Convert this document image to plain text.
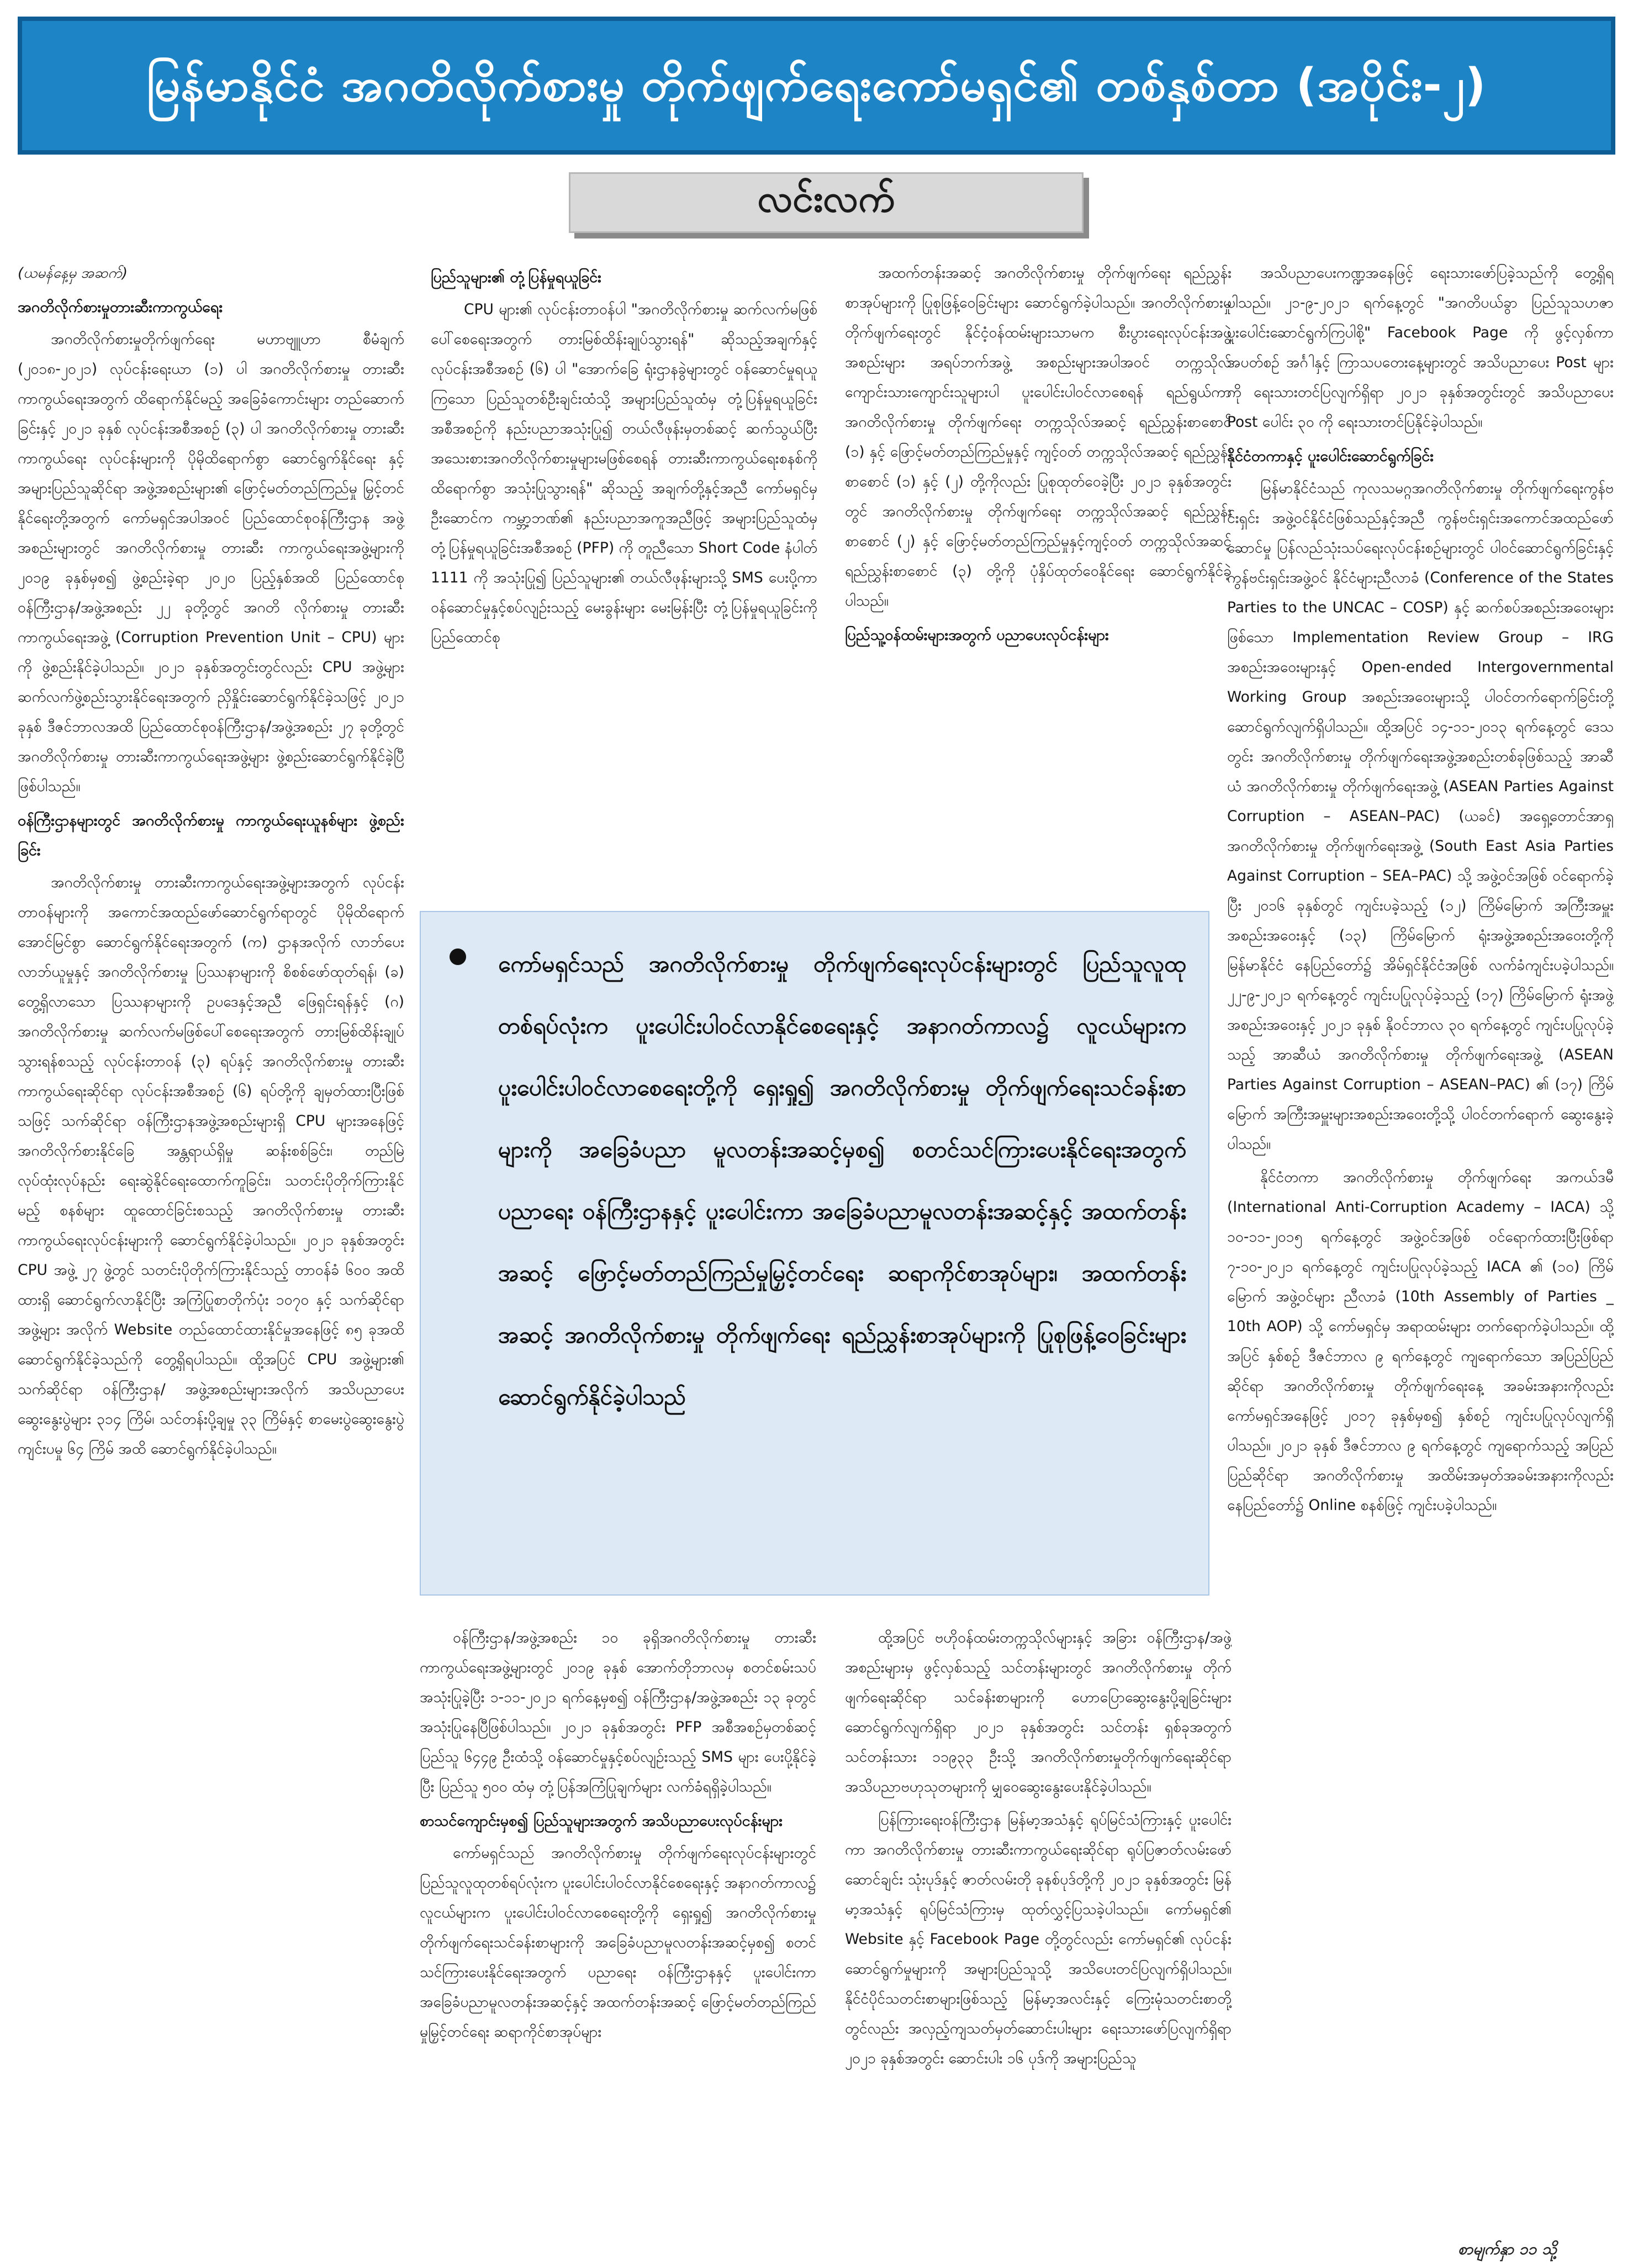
မြန်မာနိုင်ငံ အဂတိလိုက်စားမှု တိုက်ဖျက်ရေးကော်မရှင်၏ တစ်နှစ်တာ (အပိုင်း-၂)
လင်းလက်
(ယမန်နေ့မှ အဆက်)
အဂတိလိုက်စားမှုတားဆီးကာကွယ်ရေး

အဂတိလိုက်စားမှုတိုက်ဖျက်ရေး မဟာဗျူဟာ စီမံချက် (၂၀၁၈-၂၀၂၁) လုပ်ငန်းရေးယာ (၁) ပါ အဂတိလိုက်စားမှု တားဆီးကာကွယ်ရေးအတွက် ထိရောက်နိုင်မည့် အခြေခံကောင်းများ တည်ဆောက်ခြင်းနှင့် ၂၀၂၁ ခုနှစ် လုပ်ငန်းအစီအစဉ် (၃) ပါ အဂတိလိုက်စားမှု တားဆီးကာကွယ်ရေး လုပ်ငန်းများကို ပိုမိုထိရောက်စွာ ဆောင်ရွက်နိုင်ရေး နှင့် အများပြည်သူဆိုင်ရာ အဖွဲ့အစည်းများ၏ ဖြောင့်မတ်တည်ကြည်မှု မြှင့်တင်နိုင်ရေးတို့အတွက် ကော်မရှင်အပါအဝင် ပြည်ထောင်စုဝန်ကြီးဌာန အဖွဲ့အစည်းများတွင် အဂတိလိုက်စားမှု တားဆီး ကာကွယ်ရေးအဖွဲ့များကို ၂၀၁၉ ခုနှစ်မှစ၍ ဖွဲ့စည်းခဲ့ရာ ၂၀၂၀ ပြည့်နှစ်အထိ ပြည်ထောင်စု ဝန်ကြီးဌာန/အဖွဲ့အစည်း ၂၂ ခုတို့တွင် အဂတိ လိုက်စားမှု တားဆီးကာကွယ်ရေးအဖွဲ့ (Corruption Prevention Unit – CPU) များကို ဖွဲ့စည်းနိုင်ခဲ့ပါသည်။ ၂၀၂၁ ခုနှစ်အတွင်းတွင်လည်း CPU အဖွဲ့များ ဆက်လက်ဖွဲ့စည်းသွားနိုင်ရေးအတွက် ညှိနှိုင်းဆောင်ရွက်နိုင်ခဲ့သဖြင့် ၂၀၂၁ ခုနှစ် ဒီဇင်ဘာလအထိ ပြည်ထောင်စုဝန်ကြီးဌာန/အဖွဲ့အစည်း ၂၇ ခုတို့တွင် အဂတိလိုက်စားမှု တားဆီးကာကွယ်ရေးအဖွဲ့များ ဖွဲ့စည်းဆောင်ရွက်နိုင်ခဲ့ပြီ ဖြစ်ပါသည်။

ဝန်ကြီးဌာနများတွင် အဂတိလိုက်စားမှု ကာကွယ်ရေးယူနစ်များ ဖွဲ့စည်းခြင်း

အဂတိလိုက်စားမှု တားဆီးကာကွယ်ရေးအဖွဲ့များအတွက် လုပ်ငန်းတာဝန်များကို အကောင်အထည်ဖော်ဆောင်ရွက်ရာတွင် ပိုမိုထိရောက်အောင်မြင်စွာ ဆောင်ရွက်နိုင်ရေးအတွက် (က) ဌာနအလိုက် လာဘ်ပေးလာဘ်ယူမှုနှင့် အဂတိလိုက်စားမှု ပြဿနာများကို စိစစ်ဖော်ထုတ်ရန်၊ (ခ) တွေ့ရှိလာသော ပြဿနာများကို ဥပဒေနှင့်အညီ ဖြေရှင်းရန်နှင့် (ဂ) အဂတိလိုက်စားမှု ဆက်လက်မဖြစ်ပေါ်စေရေးအတွက် တားမြစ်ထိန်းချုပ်သွားရန်စသည့် လုပ်ငန်းတာဝန် (၃) ရပ်နှင့် အဂတိလိုက်စားမှု တားဆီးကာကွယ်ရေးဆိုင်ရာ လုပ်ငန်းအစီအစဉ် (၆) ရပ်တို့ကို ချမှတ်ထားပြီးဖြစ်သဖြင့် သက်ဆိုင်ရာ ဝန်ကြီးဌာနအဖွဲ့အစည်းများရှိ CPU များအနေဖြင့် အဂတိလိုက်စားနိုင်ခြေ အန္တရာယ်ရှိမှု ဆန်းစစ်ခြင်း၊ တည်မြဲလုပ်ထုံးလုပ်နည်း ရေးဆွဲနိုင်ရေးထောက်ကူခြင်း၊ သတင်းပိုတိုက်ကြားနိုင်မည့် စနစ်များ ထူထောင်ခြင်းစသည့် အဂတိလိုက်စားမှု တားဆီးကာကွယ်ရေးလုပ်ငန်းများကို ဆောင်ရွက်နိုင်ခဲ့ပါသည်။ ၂၀၂၁ ခုနှစ်အတွင်း CPU အဖွဲ့ ၂၇ ဖွဲ့တွင် သတင်းပိုတိုက်ကြားနိုင်သည့် တာဝန်ခံ ၆၀၀ အထိ ထားရှိ ဆောင်ရွက်လာနိုင်ပြီး အကြံပြုစာတိုက်ပုံး ၁၀၇၀ နှင့် သက်ဆိုင်ရာအဖွဲ့များ အလိုက် Website တည်ထောင်ထားနိုင်မှုအနေဖြင့် ၈၅ ခုအထိ ဆောင်ရွက်နိုင်ခဲ့သည်ကို တွေ့ရှိရပါသည်။ ထို့အပြင် CPU အဖွဲ့များ၏ သက်ဆိုင်ရာ ဝန်ကြီးဌာန/ အဖွဲ့အစည်းများအလိုက် အသိပညာပေး ဆွေးနွေးပွဲများ ၃၁၄ ကြိမ်၊ သင်တန်းပို့ချမှု ၃၃ ကြိမ်နှင့် စာမေးပွဲဆွေးနွေးပွဲ ကျင်းပမှု ၆၄ ကြိမ် အထိ ဆောင်ရွက်နိုင်ခဲ့ပါသည်။

ပြည်သူများ၏ တုံ့ပြန်မှုရယူခြင်း

CPU များ၏ လုပ်ငန်းတာဝန်ပါ "အဂတိလိုက်စားမှု ဆက်လက်မဖြစ်ပေါ်စေရေးအတွက် တားမြစ်ထိန်းချုပ်သွားရန်" ဆိုသည့်အချက်နှင့် လုပ်ငန်းအစီအစဉ် (၆) ပါ "အောက်ခြေ ရုံးဌာနခွဲများတွင် ဝန်ဆောင်မှုရယူကြသော ပြည်သူတစ်ဦးချင်းထံသို့ အများပြည်သူထံမှ တုံ့ပြန်မှုရယူခြင်း အစီအစဉ်ကို နည်းပညာအသုံးပြု၍ တယ်လီဖုန်းမှတစ်ဆင့် ဆက်သွယ်ပြီး အသေးစားအဂတိလိုက်စားမှုများမဖြစ်စေရန် တားဆီးကာကွယ်ရေးစနစ်ကို ထိရောက်စွာ အသုံးပြုသွားရန်" ဆိုသည့် အချက်တို့နှင့်အညီ ကော်မရှင်မှ ဦးဆောင်က ကမ္ဘာ့ဘဏ်၏ နည်းပညာအကူအညီဖြင့် အများပြည်သူထံမှ တုံ့ပြန်မှုရယူခြင်းအစီအစဉ် (PFP) ကို တူညီသော Short Code နံပါတ် 1111 ကို အသုံးပြု၍ ပြည်သူများ၏ တယ်လီဖုန်းများသို့ SMS ပေးပို့ကာ ဝန်ဆောင်မှုနှင့်စပ်လျဉ်းသည့် မေးခွန်းများ မေးမြန်းပြီး တုံ့ပြန်မှုရယူခြင်းကို ပြည်ထောင်စု

အထက်တန်းအဆင့် အဂတိလိုက်စားမှု တိုက်ဖျက်ရေး ရည်ညွှန်းစာအုပ်များကို ပြုစုဖြန့်ဝေခြင်းများ ဆောင်ရွက်ခဲ့ပါသည်။ အဂတိလိုက်စားမှု တိုက်ဖျက်ရေးတွင် နိုင်ငံ့ဝန်ထမ်းများသာမက စီးပွားရေးလုပ်ငန်းအဖွဲ့အစည်းများ အရပ်ဘက်အဖွဲ့ အစည်းများအပါအဝင် တက္ကသိုလ်ကျောင်းသားကျောင်းသူများပါ ပူးပေါင်းပါဝင်လာစေရန် ရည်ရွယ်ကာ အဂတိလိုက်စားမှု တိုက်ဖျက်ရေး တက္ကသိုလ်အဆင့် ရည်ညွှန်းစာစောင် (၁) နှင့် ဖြောင့်မတ်တည်ကြည်မှုနှင့် ကျင့်ဝတ် တက္ကသိုလ်အဆင့် ရည်ညွှန်းစာစောင် (၁) နှင့် (၂) တို့ကိုလည်း ပြုစုထုတ်ဝေခဲ့ပြီး ၂၀၂၁ ခုနှစ်အတွင်းတွင် အဂတိလိုက်စားမှု တိုက်ဖျက်ရေး တက္ကသိုလ်အဆင့် ရည်ညွှန်းစာစောင် (၂) နှင့် ဖြောင့်မတ်တည်ကြည်မှုနှင့်ကျင့်ဝတ် တက္ကသိုလ်အဆင့် ရည်ညွှန်းစာစောင် (၃) တို့ကို ပုံနှိပ်ထုတ်ဝေနိုင်ရေး ဆောင်ရွက်နိုင်ခဲ့ပါသည်။

ပြည်သူ့ဝန်ထမ်းများအတွက် ပညာပေးလုပ်ငန်းများ
ကော်မရှင်သည် အဂတိလိုက်စားမှု တိုက်ဖျက်ရေးလုပ်ငန်းများတွင် ပြည်သူလူထုတစ်ရပ်လုံးက ပူးပေါင်းပါဝင်လာနိုင်စေရေးနှင့် အနာဂတ်ကာလ၌ လူငယ်များက ပူးပေါင်းပါဝင်လာစေရေးတို့ကို ရှေးရှု၍ အဂတိလိုက်စားမှု တိုက်ဖျက်ရေးသင်ခန်းစာများကို အခြေခံပညာ မူလတန်းအဆင့်မှစ၍ စတင်သင်ကြားပေးနိုင်ရေးအတွက် ပညာရေး ဝန်ကြီးဌာနနှင့် ပူးပေါင်းကာ အခြေခံပညာမူလတန်းအဆင့်နှင့် အထက်တန်းအဆင့် ဖြောင့်မတ်တည်ကြည်မှုမြှင့်တင်ရေး ဆရာကိုင်စာအုပ်များ၊ အထက်တန်းအဆင့် အဂတိလိုက်စားမှု တိုက်ဖျက်ရေး ရည်ညွှန်းစာအုပ်များကို ပြုစုဖြန့်ဝေခြင်းများ ဆောင်ရွက်နိုင်ခဲ့ပါသည်

ဝန်ကြီးဌာန/အဖွဲ့အစည်း ၁၀ ခုရှိအဂတိလိုက်စားမှု တားဆီးကာကွယ်ရေးအဖွဲ့များတွင် ၂၀၁၉ ခုနှစ် အောက်တိုဘာလမှ စတင်စမ်းသပ် အသုံးပြုခဲ့ပြီး ၁-၁၁-၂၀၂၁ ရက်နေ့မှစ၍ ဝန်ကြီးဌာန/အဖွဲ့အစည်း ၁၃ ခုတွင် အသုံးပြုနေပြီဖြစ်ပါသည်။ ၂၀၂၁ ခုနှစ်အတွင်း PFP အစီအစဉ်မှတစ်ဆင့် ပြည်သူ ၆၄၄၉ ဦးထံသို့ ဝန်ဆောင်မှုနှင့်စပ်လျဉ်းသည့် SMS များ ပေးပို့နိုင်ခဲ့ပြီး ပြည်သူ ၅၀၀ ထံမှ တုံ့ပြန်အကြံပြုချက်များ လက်ခံရရှိခဲ့ပါသည်။

စာသင်ကျောင်းမှစ၍ ပြည်သူများအတွက် အသိပညာပေးလုပ်ငန်းများ

ကော်မရှင်သည် အဂတိလိုက်စားမှု တိုက်ဖျက်ရေးလုပ်ငန်းများတွင် ပြည်သူလူထုတစ်ရပ်လုံးက ပူးပေါင်းပါဝင်လာနိုင်စေရေးနှင့် အနာဂတ်ကာလ၌ လူငယ်များက ပူးပေါင်းပါဝင်လာစေရေးတို့ကို ရှေးရှု၍ အဂတိလိုက်စားမှု တိုက်ဖျက်ရေးသင်ခန်းစာများကို အခြေခံပညာမူလတန်းအဆင့်မှစ၍ စတင်သင်ကြားပေးနိုင်ရေးအတွက် ပညာရေး ဝန်ကြီးဌာနနှင့် ပူးပေါင်းကာ အခြေခံပညာမူလတန်းအဆင့်နှင့် အထက်တန်းအဆင့် ဖြောင့်မတ်တည်ကြည်မှုမြှင့်တင်ရေး ဆရာကိုင်စာအုပ်များ

ထို့အပြင် ဗဟိုဝန်ထမ်းတက္ကသိုလ်များနှင့် အခြား ဝန်ကြီးဌာန/အဖွဲ့အစည်းများမှ ဖွင့်လှစ်သည့် သင်တန်းများတွင် အဂတိလိုက်စားမှု တိုက်ဖျက်ရေးဆိုင်ရာ သင်ခန်းစာများကို ဟောပြောဆွေးနွေးပို့ချခြင်းများ ဆောင်ရွက်လျက်ရှိရာ ၂၀၂၁ ခုနှစ်အတွင်း သင်တန်း ရှစ်ခုအတွက် သင်တန်းသား ၁၁၉၃၃ ဦးသို့ အဂတိလိုက်စားမှုတိုက်ဖျက်ရေးဆိုင်ရာ အသိပညာဗဟုသုတများကို မျှဝေဆွေးနွေးပေးနိုင်ခဲ့ပါသည်။

ပြန်ကြားရေးဝန်ကြီးဌာန မြန်မာ့အသံနှင့် ရုပ်မြင်သံကြားနှင့် ပူးပေါင်းကာ အဂတိလိုက်စားမှု တားဆီးကာကွယ်ရေးဆိုင်ရာ ရုပ်ပြဇာတ်လမ်းဖော်ဆောင်ချင်း သုံးပုဒ်နှင့် ဇာတ်လမ်းတို ခုနစ်ပုဒ်တို့ကို ၂၀၂၁ ခုနှစ်အတွင်း မြန်မာ့အသံနှင့် ရုပ်မြင်သံကြားမှ ထုတ်လွှင့်ပြသခဲ့ပါသည်။ ကော်မရှင်၏ Website နှင့် Facebook Page တို့တွင်လည်း ကော်မရှင်၏ လုပ်ငန်းဆောင်ရွက်မှုများကို အများပြည်သူသို့ အသိပေးတင်ပြလျက်ရှိပါသည်။ နိုင်ငံပိုင်သတင်းစာများဖြစ်သည့် မြန်မာ့အလင်းနှင့် ကြေးမုံသတင်းစာတို့တွင်လည်း အလှည့်ကျသတ်မှတ်ဆောင်းပါးများ ရေးသားဖော်ပြလျက်ရှိရာ ၂၀၂၁ ခုနှစ်အတွင်း ဆောင်းပါး ၁၆ ပုဒ်ကို အများပြည်သူ

အသိပညာပေးကဏ္ဍအနေဖြင့် ရေးသားဖော်ပြခဲ့သည်ကို တွေ့ရှိရပါသည်။ ၂၁-၉-၂၀၂၁ ရက်နေ့တွင် "အဂတိပယ်ခွာ ပြည်သူသဟဇာ ပူးပေါင်းဆောင်ရွက်ကြပါစို့" Facebook Page ကို ဖွင့်လှစ်ကာ အပတ်စဉ် အင်္ဂါနှင့် ကြာသပတေးနေ့များတွင် အသိပညာပေး Post များကို ရေးသားတင်ပြလျက်ရှိရာ ၂၀၂၁ ခုနှစ်အတွင်းတွင် အသိပညာပေး Post ပေါင်း ၃၀ ကို ရေးသားတင်ပြနိုင်ခဲ့ပါသည်။

နိုင်ငံတကာနှင့် ပူးပေါင်းဆောင်ရွက်ခြင်း

မြန်မာနိုင်ငံသည် ကုလသမဂ္ဂအဂတိလိုက်စားမှု တိုက်ဖျက်ရေးကွန်ဗင်းရှင်း အဖွဲ့ဝင်နိုင်ငံဖြစ်သည်နှင့်အညီ ကွန်ဗင်းရှင်းအကောင်အထည်ဖော်ဆောင်မှု ပြန်လည်သုံးသပ်ရေးလုပ်ငန်းစဉ်များတွင် ပါဝင်ဆောင်ရွက်ခြင်းနှင့် ကွန်ဗင်းရှင်းအဖွဲ့ဝင် နိုင်ငံများညီလာခံ (Conference of the States Parties to the UNCAC – COSP) နှင့် ဆက်စပ်အစည်းအဝေးများဖြစ်သော Implementation Review Group – IRG အစည်းအဝေးများနှင့် Open-ended Intergovernmental Working Group အစည်းအဝေးများသို့ ပါဝင်တက်ရောက်ခြင်းတို့ ဆောင်ရွက်လျက်ရှိပါသည်။ ထို့အပြင် ၁၄-၁၁-၂၀၁၃ ရက်နေ့တွင် ဒေသတွင်း အဂတိလိုက်စားမှု တိုက်ဖျက်ရေးအဖွဲ့အစည်းတစ်ခုဖြစ်သည့် အာဆီယံ အဂတိလိုက်စားမှု တိုက်ဖျက်ရေးအဖွဲ့ (ASEAN Parties Against Corruption – ASEAN–PAC) (ယခင်) အရှေ့တောင်အာရှ အဂတိလိုက်စားမှု တိုက်ဖျက်ရေးအဖွဲ့ (South East Asia Parties Against Corruption – SEA–PAC) သို့ အဖွဲ့ဝင်အဖြစ် ဝင်ရောက်ခဲ့ပြီး ၂၀၁၆ ခုနှစ်တွင် ကျင်းပခဲ့သည့် (၁၂) ကြိမ်မြောက် အကြီးအမှူးအစည်းအဝေးနှင့် (၁၃) ကြိမ်မြောက် ရုံးအဖွဲ့အစည်းအဝေးတို့ကို မြန်မာနိုင်ငံ နေပြည်တော်၌ အိမ်ရှင်နိုင်ငံအဖြစ် လက်ခံကျင်းပခဲ့ပါသည်။ ၂၂-၉-၂၀၂၁ ရက်နေ့တွင် ကျင်းပပြုလုပ်ခဲ့သည့် (၁၇) ကြိမ်မြောက် ရုံးအဖွဲ့အစည်းအဝေးနှင့် ၂၀၂၁ ခုနှစ် နိုဝင်ဘာလ ၃၀ ရက်နေ့တွင် ကျင်းပပြုလုပ်ခဲ့သည့် အာဆီယံ အဂတိလိုက်စားမှု တိုက်ဖျက်ရေးအဖွဲ့ (ASEAN Parties Against Corruption – ASEAN–PAC) ၏ (၁၇) ကြိမ်မြောက် အကြီးအမှူးများအစည်းအဝေးတို့သို့ ပါဝင်တက်ရောက် ဆွေးနွေးခဲ့ပါသည်။

နိုင်ငံတကာ အဂတိလိုက်စားမှု တိုက်ဖျက်ရေး အကယ်ဒမီ (International Anti-Corruption Academy – IACA) သို့ ၁၀-၁၁-၂၀၁၅ ရက်နေ့တွင် အဖွဲ့ဝင်အဖြစ် ဝင်ရောက်ထားပြီးဖြစ်ရာ ၇-၁၀-၂၀၂၁ ရက်နေ့တွင် ကျင်းပပြုလုပ်ခဲ့သည့် IACA ၏ (၁၀) ကြိမ်မြောက် အဖွဲ့ဝင်များ ညီလာခံ (10th Assembly of Parties _ 10th AOP) သို့ ကော်မရှင်မှ အရာထမ်းများ တက်ရောက်ခဲ့ပါသည်။ ထို့အပြင် နှစ်စဉ် ဒီဇင်ဘာလ ၉ ရက်နေ့တွင် ကျရောက်သော အပြည်ပြည်ဆိုင်ရာ အဂတိလိုက်စားမှု တိုက်ဖျက်ရေးနေ့ အခမ်းအနားကိုလည်း ကော်မရှင်အနေဖြင့် ၂၀၁၇ ခုနှစ်မှစ၍ နှစ်စဉ် ကျင်းပပြုလုပ်လျက်ရှိပါသည်။ ၂၀၂၁ ခုနှစ် ဒီဇင်ဘာလ ၉ ရက်နေ့တွင် ကျရောက်သည့် အပြည်ပြည်ဆိုင်ရာ အဂတိလိုက်စားမှု အထိမ်းအမှတ်အခမ်းအနားကိုလည်း နေပြည်တော်၌ Online စနစ်ဖြင့် ကျင်းပခဲ့ပါသည်။

စာမျက်နှာ ၁၁ သို့
